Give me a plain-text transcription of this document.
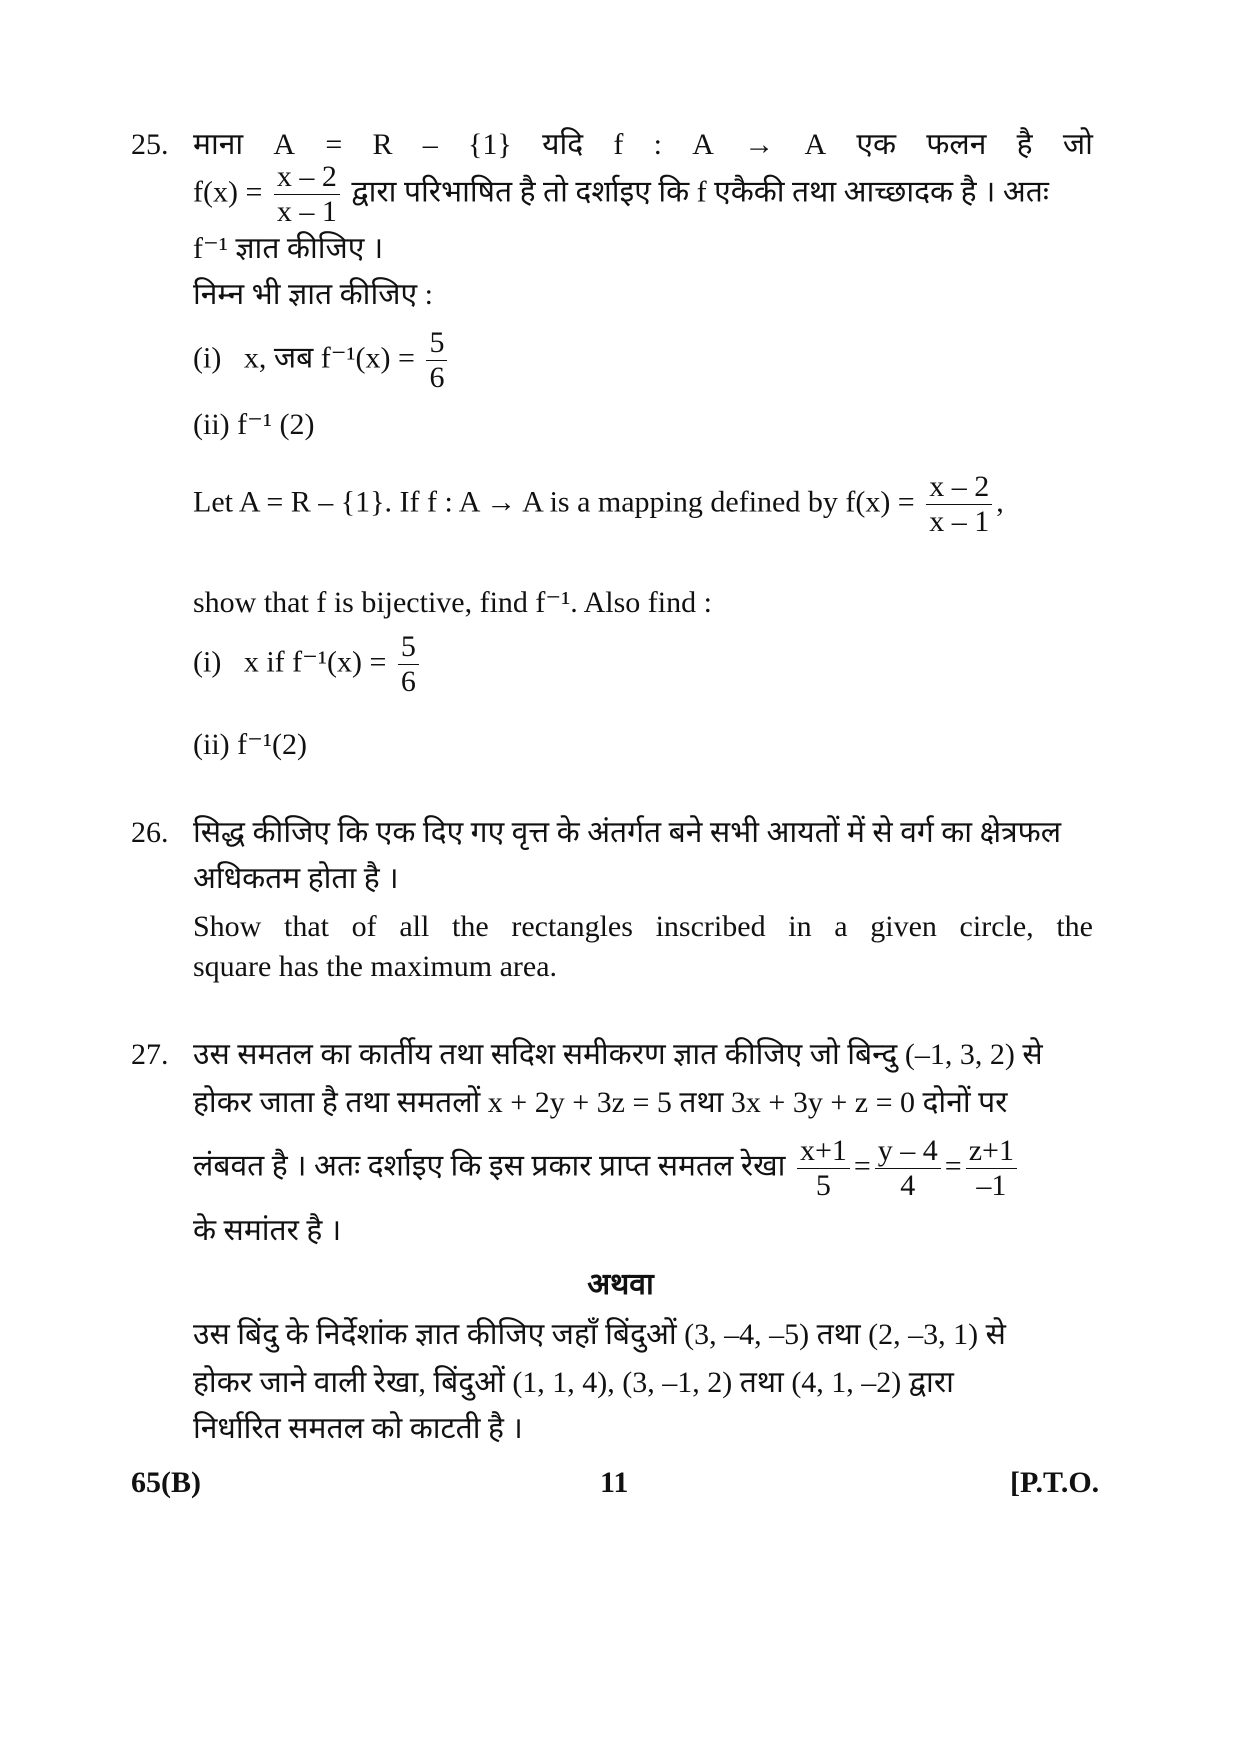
25. माना A = R – {1} यदि f : A → A एक फलन है जो
$f(x) = \frac{x - 2}{x - 1}$ द्वारा परिभाषित है तो दर्शाइए कि f एकैकी तथा आच्छादक है । अतः
f⁻¹ ज्ञात कीजिए ।
निम्न भी ज्ञात कीजिए :
(i) x, जब $f^{-1}(x) = \frac{5}{6}$
(ii) f⁻¹ (2)
Let A = R – {1}. If f : A → A is a mapping defined by $f(x) = \frac{x - 2}{x - 1}$ ,
show that f is bijective, find f⁻¹. Also find :
(i) x if $f^{-1}(x) = \frac{5}{6}$
(ii) f⁻¹(2)
26. सिद्ध कीजिए कि एक दिए गए वृत्त के अंतर्गत बने सभी आयतों में से वर्ग का क्षेत्रफल
अधिकतम होता है ।
Show that of all the rectangles inscribed in a given circle, the
square has the maximum area.
27. उस समतल का कार्तीय तथा सदिश समीकरण ज्ञात कीजिए जो बिन्दु (–1, 3, 2) से
होकर जाता है तथा समतलों x + 2y + 3z = 5 तथा 3x + 3y + z = 0 दोनों पर
लंबवत है । अतः दर्शाइए कि इस प्रकार प्राप्त समतल रेखा $\frac{x+1}{5} = \frac{y - 4}{4} = \frac{z+1}{-1}$
के समांतर है ।
अथवा
उस बिंदु के निर्देशांक ज्ञात कीजिए जहाँ बिंदुओं (3, –4, –5) तथा (2, –3, 1) से
होकर जाने वाली रेखा, बिंदुओं (1, 1, 4), (3, –1, 2) तथा (4, 1, –2) द्वारा
निर्धारित समतल को काटती है ।
65(B)	11	[P.T.O.
